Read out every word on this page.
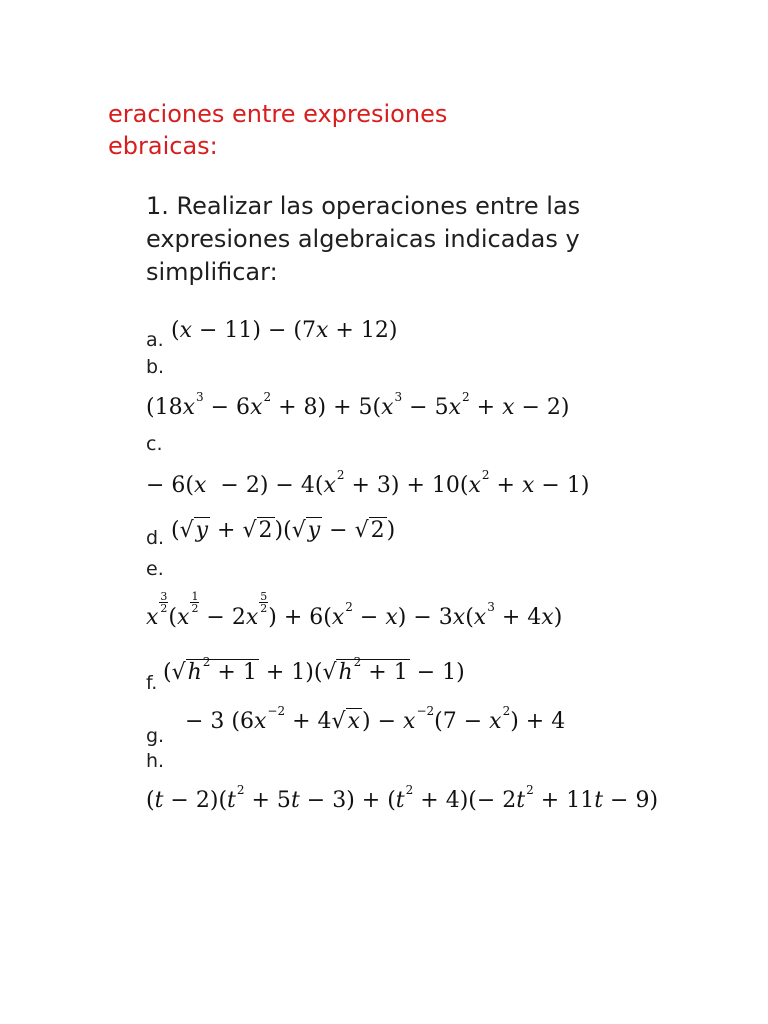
eraciones entre expresiones
ebraicas:
1. Realizar las operaciones entre las
expresiones algebraicas indicadas y
simplificar:
a. (x − 11) − (7x + 12)
b.
$(18x^3 - 6x^2 + 8) + 5(x^3 - 5x^2 + x - 2)$
c.
− $6(x - 2) - 4(x^2 + 3) + 10(x^2 + x - 1)$
d. (√y + √2)(√y − √2)
e.
x
$\frac{3}{2}$
(x
$\frac{1}{2}$
− 2x
$\frac{5}{2}$
) + $6(x^2 - x) - 3x(x^3 + 4x)$
f. $(√h^2 + 1 + 1)(√h^2 + 1 - 1)$
g.
− 3 $(6x^{-2} + 4√x) - x^{-2}(7 - x^2) + 4$
h.
$(t - 2)(t^2 + 5t - 3) + (t^2 + 4)(- 2t^2 + 11t - 9)$
